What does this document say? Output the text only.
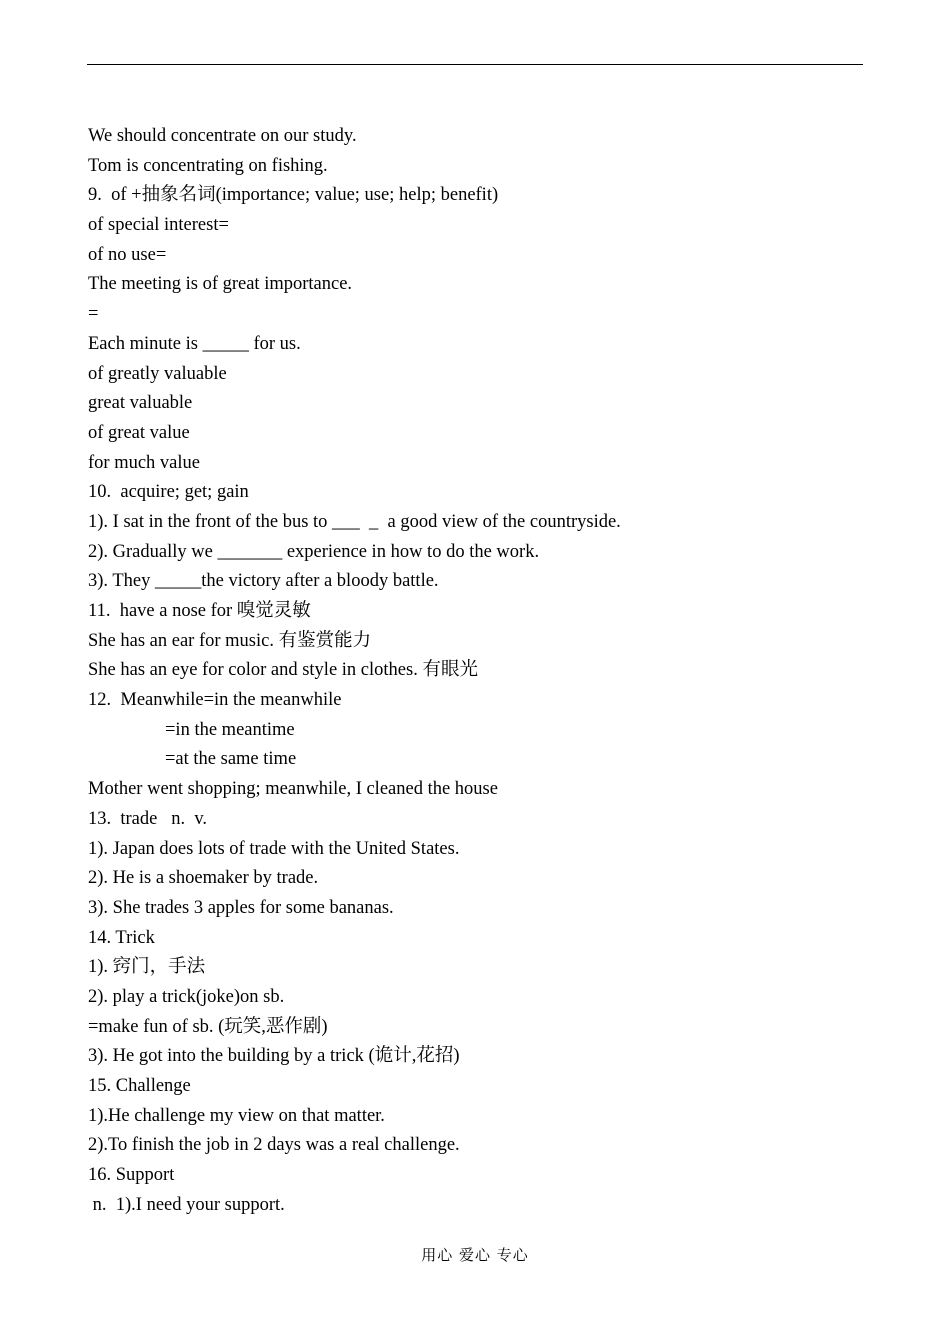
We should concentrate on our study.
Tom is concentrating on fishing.
9.  of +抽象名词(importance; value; use; help; benefit)
of special interest=
of no use=
The meeting is of great importance.
=
Each minute is _____ for us.
of greatly valuable
great valuable
of great value
for much value
10.  acquire; get; gain
1). I sat in the front of the bus to ___  _  a good view of the countryside.
2). Gradually we _______ experience in how to do the work.
3). They _____the victory after a bloody battle.
11.  have a nose for 嗅觉灵敏
She has an ear for music. 有鉴赏能力
She has an eye for color and style in clothes. 有眼光
12.  Meanwhile=in the meanwhile
=in the meantime
=at the same time
Mother went shopping; meanwhile, I cleaned the house
13.  trade   n.  v.
1). Japan does lots of trade with the United States.
2). He is a shoemaker by trade.
3). She trades 3 apples for some bananas.
14. Trick
1). 窍门，手法
2). play a trick(joke)on sb.
=make fun of sb. (玩笑,恶作剧)
3). He got into the building by a trick (诡计,花招)
15. Challenge
1).He challenge my view on that matter.
2).To finish the job in 2 days was a real challenge.
16. Support
n.  1).I need your support.
用心 爱心 专心
